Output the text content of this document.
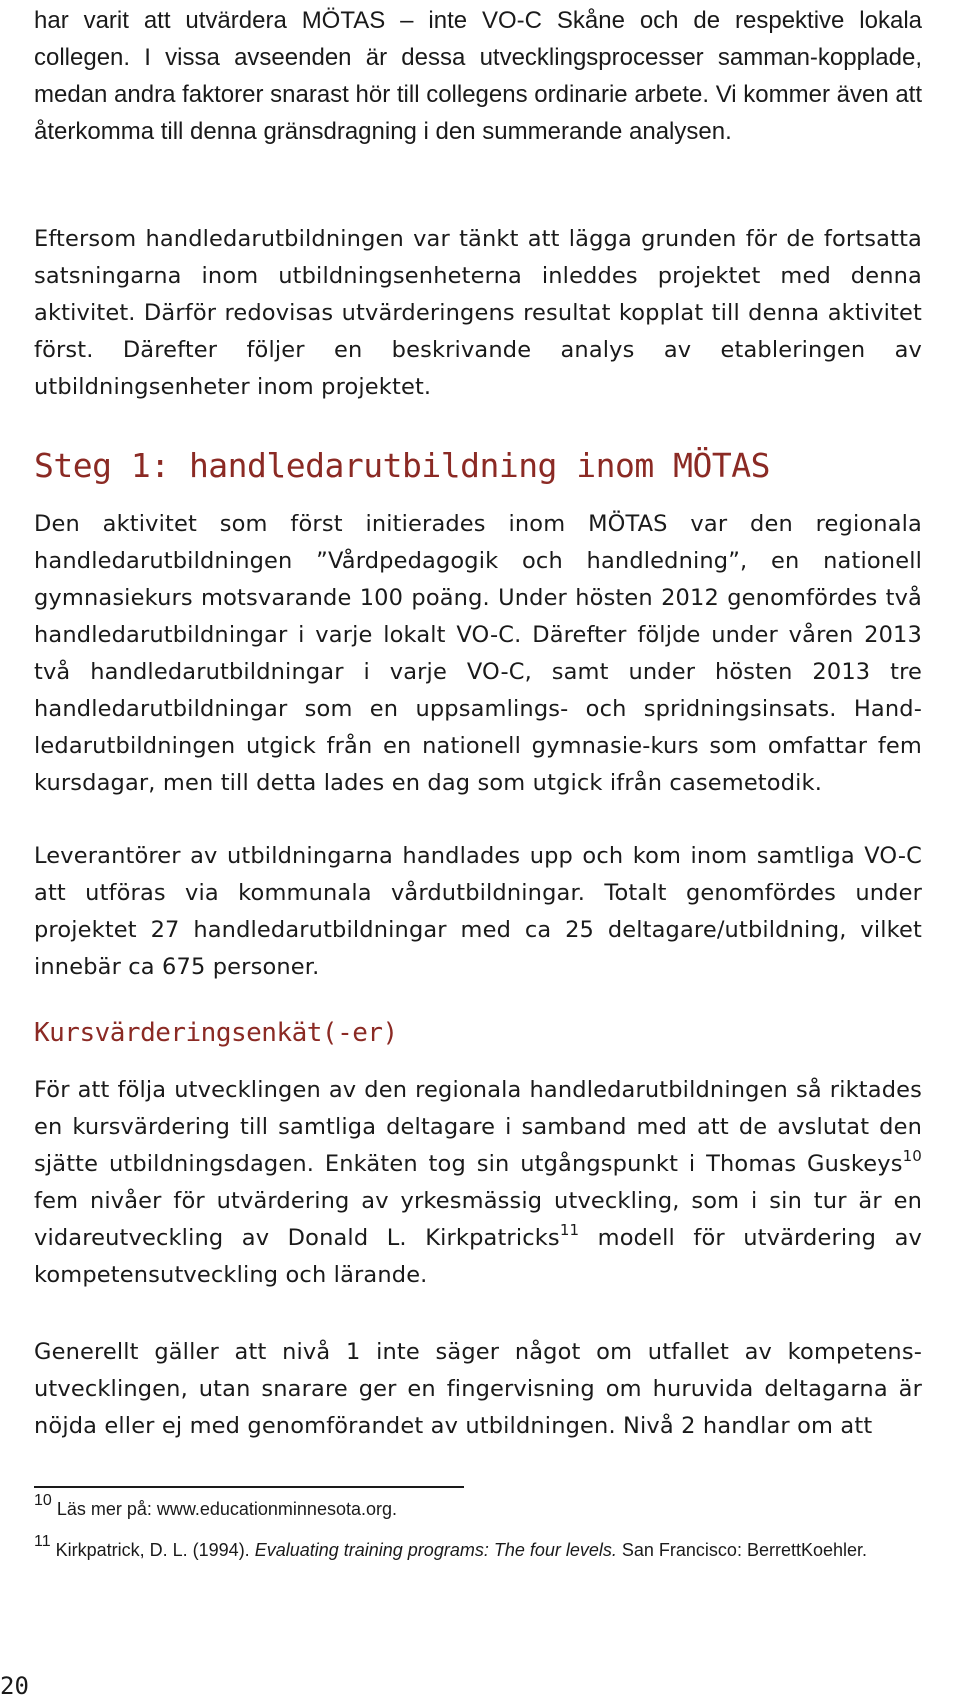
har varit att utvärdera MÖTAS – inte VO-C Skåne och de respektive lokala collegen. I vissa avseenden är dessa utvecklingsprocesser samman-kopplade, medan andra faktorer snarast hör till collegens ordinarie arbete. Vi kommer även att återkomma till denna gränsdragning i den summerande analysen.

Eftersom handledarutbildningen var tänkt att lägga grunden för de fortsatta satsningarna inom utbildningsenheterna inleddes projektet med denna aktivitet. Därför redovisas utvärderingens resultat kopplat till denna aktivitet först. Därefter följer en beskrivande analys av etableringen av utbildningsenheter inom projektet.

Steg 1: handledarutbildning inom MÖTAS

Den aktivitet som först initierades inom MÖTAS var den regionala handledarutbildningen ”Vårdpedagogik och handledning”, en nationell gymnasiekurs motsvarande 100 poäng. Under hösten 2012 genomfördes två handledarutbildningar i varje lokalt VO-C. Därefter följde under våren 2013 två handledarutbildningar i varje VO-C, samt under hösten 2013 tre handledarutbildningar som en uppsamlings- och spridningsinsats. Hand-ledarutbildningen utgick från en nationell gymnasie-kurs som omfattar fem kursdagar, men till detta lades en dag som utgick ifrån casemetodik.

Leverantörer av utbildningarna handlades upp och kom inom samtliga VO-C att utföras via kommunala vårdutbildningar. Totalt genomfördes under projektet 27 handledarutbildningar med ca 25 deltagare/utbildning, vilket innebär ca 675 personer.

Kursvärderingsenkät(-er)

För att följa utvecklingen av den regionala handledarutbildningen så riktades en kursvärdering till samtliga deltagare i samband med att de avslutat den sjätte utbildningsdagen. Enkäten tog sin utgångspunkt i Thomas Guskeys$^{10}$ fem nivåer för utvärdering av yrkesmässig utveckling, som i sin tur är en vidareutveckling av Donald L. Kirkpatricks$^{11}$ modell för utvärdering av kompetensutveckling och lärande.

Generellt gäller att nivå 1 inte säger något om utfallet av kompetens-utvecklingen, utan snarare ger en fingervisning om huruvida deltagarna är nöjda eller ej med genomförandet av utbildningen. Nivå 2 handlar om att

$^{10}$ Läs mer på: www.educationminnesota.org.

$^{11}$ Kirkpatrick, D. L. (1994). Evaluating training programs: The four levels. San Francisco: BerrettKoehler.

20
